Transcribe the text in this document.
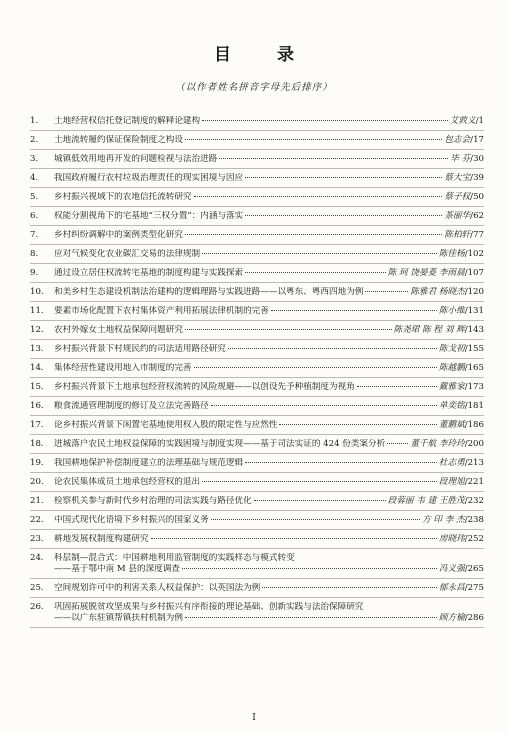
目 录
（以作者姓名拼音字母先后排序）
1.	土地经营权信托登记制度的解释论建构	艾敦义 / 1
2.	土地流转履约保证保险制度之构设	包志会 / 17
3.	城镇低效用地再开发的问题检视与法治进路	毕 芬 / 30
4.	我国政府履行农村垃圾治理责任的现实困境与因应	蔡大宝 / 39
5.	乡村振兴视域下的农地信托流转研究	蔡子权 / 50
6.	权能分割视角下的宅基地“三权分置”：内涵与落实	茶丽华 / 62
7.	乡村纠纷调解中的案例类型化研究	陈柏轩 / 77
8.	应对气候变化农业碳汇交易的法律规制	陈佳杨 / 102
9.	通过设立居住权流转宅基地的制度构建与实践探索	陈 珂 饶晏菱 李雨晨 / 107
10.	和美乡村生态建设机制法治建构的逻辑理路与实践进路——以粤东、粤西四地为例	陈雅君 杨晓杰 / 120
11.	要素市场化配置下农村集体资产利用拓展法律机制的完善	陈小维 / 131
12.	农村外嫁女土地权益保障问题研究	陈尧珺 陈 程 刘 辉 / 143
13.	乡村振兴背景下村规民约的司法适用路径研究	陈戈初 / 155
14.	集体经营性建设用地入市制度的完善	陈越鹏 / 165
15.	乡村振兴背景下土地承包经营权流转的风险规避——以创设先予种植制度为视角	戴雅家 / 173
16.	粮食流通管理制度的修订及立法完善路径	单奕铭 / 181
17.	论乡村振兴背景下闲置宅基地使用权入股的限定性与应然性	董鹏斌 / 186
18.	进城落户农民土地权益保障的实践困境与制度实现——基于司法实证的 424 份类案分析	董千航 李玲玲 / 200
19.	我国耕地保护补偿制度建立的法理基础与规范逻辑	杜志勇 / 213
20.	论农民集体成员土地承包经营权的退出	段理旭 / 221
21.	检察机关参与新时代乡村治理的司法实践与路径优化	段蓉丽 韦 建 王胜茂 / 232
22.	中国式现代化语境下乡村振兴的国家义务	方 印 李 杰 / 238
23.	耕地发展权制度构建研究	房晓玮 / 252
24.	科层制—混合式：中国耕地利用监管制度的实践样态与模式转变
——基于鄂中南 M 县的深度调查	冯义强 / 265
25.	空间规划许可中的利害关系人权益保护：以英国法为例	郁永昌 / 275
26.	巩固拓展脱贫攻坚成果与乡村振兴有序衔接的理论基础、创新实践与法治保障研究
——以广东驻镇帮镇扶村机制为例	顾方榆 / 286
I
